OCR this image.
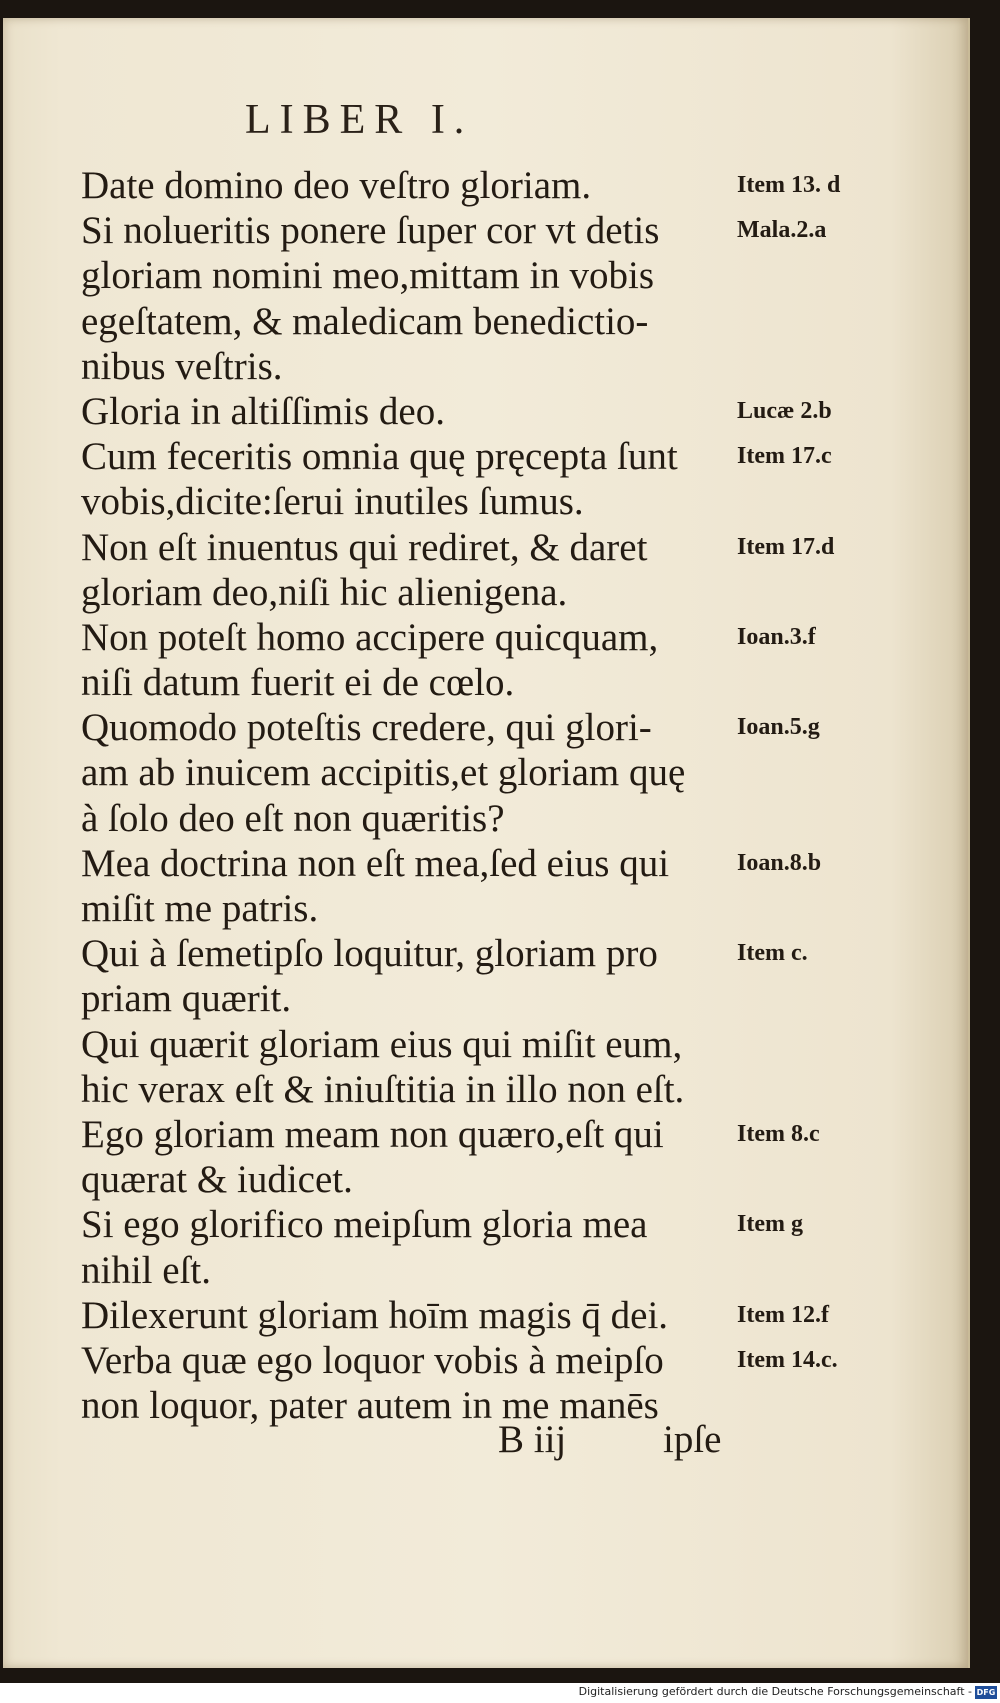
LIBER I.
Date domino deo veſtro gloriam.	Item 13. d
Si nolueritis ponere ſuper cor vt detis	Mala.2.a
gloriam nomini meo,mittam in vobis
egeſtatem, & maledicam benedictio-
nibus veſtris.
Gloria in altiſſimis deo.	Lucæ 2.b
Cum feceritis omnia quę pręcepta ſunt Item 17.c
vobis,dicite:ſerui inutiles ſumus.
Non eſt inuentus qui rediret, & daret	Item 17.d
gloriam deo,niſi hic alienigena.
Non poteſt homo accipere quicquam,	Ioan.3.f
niſi datum fuerit ei de cœlo.
Quomodo poteſtis credere, qui glori-	Ioan.5.g
am ab inuicem accipitis,et gloriam quę
à ſolo deo eſt non quæritis?
Mea doctrina non eſt mea,ſed eius qui	Ioan.8.b
miſit me patris.
Qui à ſemetipſo loquitur, gloriam pro	Item c.
priam quærit.
Qui quærit gloriam eius qui miſit eum,
hic verax eſt & iniuſtitia in illo non eſt.
Ego gloriam meam non quæro,eſt qui	Item 8.c
quærat & iudicet.
Si ego glorifico meipſum gloria mea	Item g
nihil eſt.
Dilexerunt gloriam hoīm magis q̄ dei.	Item 12.f
Verba quæ ego loquor vobis à meipſo	Item 14.c.
non loquor, pater autem in me manēs
B iij ipſe
Digitalisierung gefördert durch die Deutsche Forschungsgemeinschaft - DFG
